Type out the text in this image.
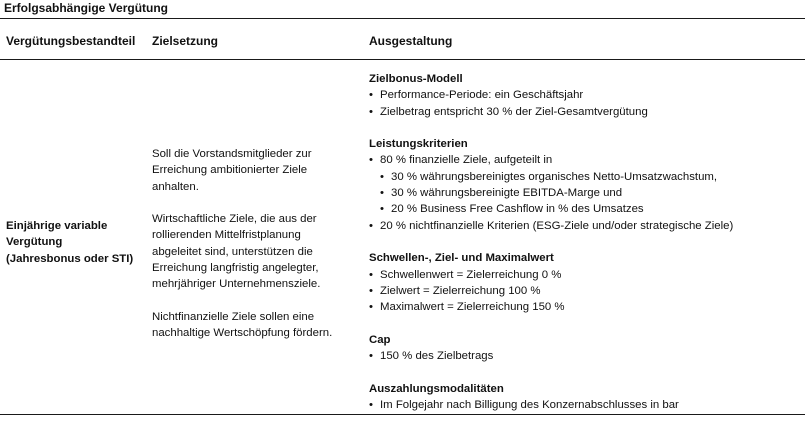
Erfolgsabhängige Vergütung
Vergütungsbestandteil Zielsetzung	Ausgestaltung
Einjährige variable
Vergütung
(Jahresbonus oder STI)

Soll die Vorstandsmitglieder zur Erreichung ambitionierter Ziele anhalten.

Wirtschaftliche Ziele, die aus der rollierenden Mittelfristplanung abgeleitet sind, unterstützen die Erreichung langfristig angelegter, mehrjähriger Unternehmensziele.

Nichtfinanzielle Ziele sollen eine nachhaltige Wertschöpfung fördern.

Zielbonus-Modell
• Performance-Periode: ein Geschäftsjahr
• Zielbetrag entspricht 30 % der Ziel-Gesamtvergütung
Leistungskriterien
• 80 % finanzielle Ziele, aufgeteilt in
• 30 % währungsbereinigtes organisches Netto-Umsatzwachstum,
• 30 % währungsbereinigte EBITDA-Marge und
• 20 % Business Free Cashflow in % des Umsatzes
• 20 % nichtfinanzielle Kriterien (ESG-Ziele und/oder strategische Ziele)
Schwellen-, Ziel- und Maximalwert
• Schwellenwert = Zielerreichung 0 %
• Zielwert = Zielerreichung 100 %
• Maximalwert = Zielerreichung 150 %
Cap
• 150 % des Zielbetrags
Auszahlungsmodalitäten
• Im Folgejahr nach Billigung des Konzernabschlusses in bar
